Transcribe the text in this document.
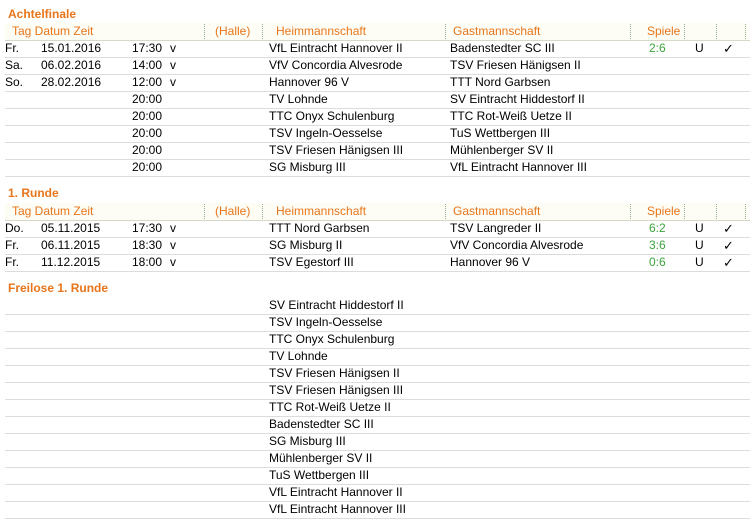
Achtelfinale
Tag Datum Zeit	(Halle) Heimmannschaft	Gastmannschaft	Spiele
Fr. 15.01.2016	17:30 v	VfL Eintracht Hannover II	Badenstedter SC III	2:6 U ✓
Sa. 06.02.2016	14:00 v	VfV Concordia Alvesrode	TSV Friesen Hänigsen II
So. 28.02.2016	12:00 v	Hannover 96 V	TTT Nord Garbsen
20:00	TV Lohnde	SV Eintracht Hiddestorf II
20:00	TTC Onyx Schulenburg	TTC Rot-Weiß Uetze II
20:00	TSV Ingeln-Oesselse	TuS Wettbergen III
20:00	TSV Friesen Hänigsen III	Mühlenberger SV II
20:00	SG Misburg III	VfL Eintracht Hannover III
1. Runde
Tag Datum Zeit	(Halle) Heimmannschaft	Gastmannschaft	Spiele
Do. 05.11.2015	17:30 v	TTT Nord Garbsen	TSV Langreder II	6:2 U ✓
Fr. 06.11.2015	18:30 v	SG Misburg II	VfV Concordia Alvesrode	3:6 U ✓
Fr. 11.12.2015	18:00 v	TSV Egestorf III	Hannover 96 V	0:6 U ✓
Freilose 1. Runde
SV Eintracht Hiddestorf II
TSV Ingeln-Oesselse
TTC Onyx Schulenburg
TV Lohnde
TSV Friesen Hänigsen II
TSV Friesen Hänigsen III
TTC Rot-Weiß Uetze II
Badenstedter SC III
SG Misburg III
Mühlenberger SV II
TuS Wettbergen III
VfL Eintracht Hannover II
VfL Eintracht Hannover III
